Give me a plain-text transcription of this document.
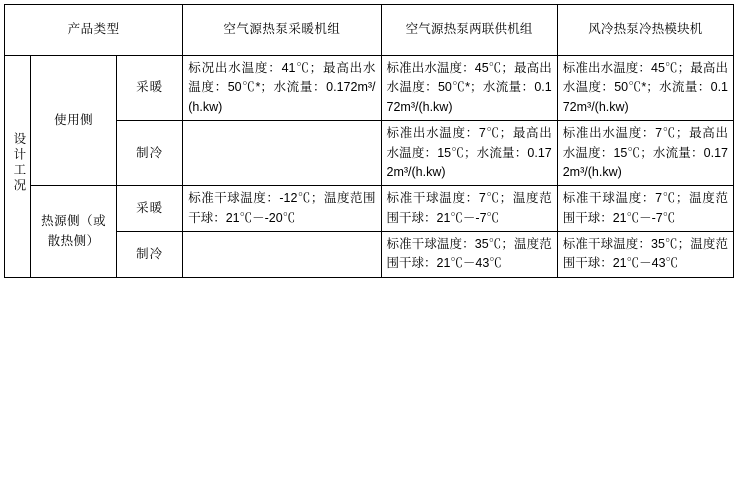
产品类型			空气源热泵采暖机组	空气源热泵两联供机组	风冷热泵冷热模块机
设计工况	使用侧	采暖	标况出水温度：41℃；最高出水温度：50℃*；水流量：0.172m³/(h.kw)	标准出水温度：45℃；最高出水温度：50℃*；水流量：0.172m³/(h.kw)	标准出水温度：45℃；最高出水温度：50℃*；水流量：0.172m³/(h.kw)
		制冷		标准出水温度：7℃；最高出水温度：15℃；水流量：0.172m³/(h.kw)	标准出水温度：7℃；最高出水温度：15℃；水流量：0.172m³/(h.kw)
	热源侧（或散热侧）	采暖	标准干球温度：-12℃；温度范围干球：21℃－-20℃	标准干球温度：7℃；温度范围干球：21℃－-7℃	标准干球温度：7℃；温度范围干球：21℃－-7℃
		制冷		标准干球温度：35℃；温度范围干球：21℃－43℃	标准干球温度：35℃；温度范围干球：21℃－43℃
